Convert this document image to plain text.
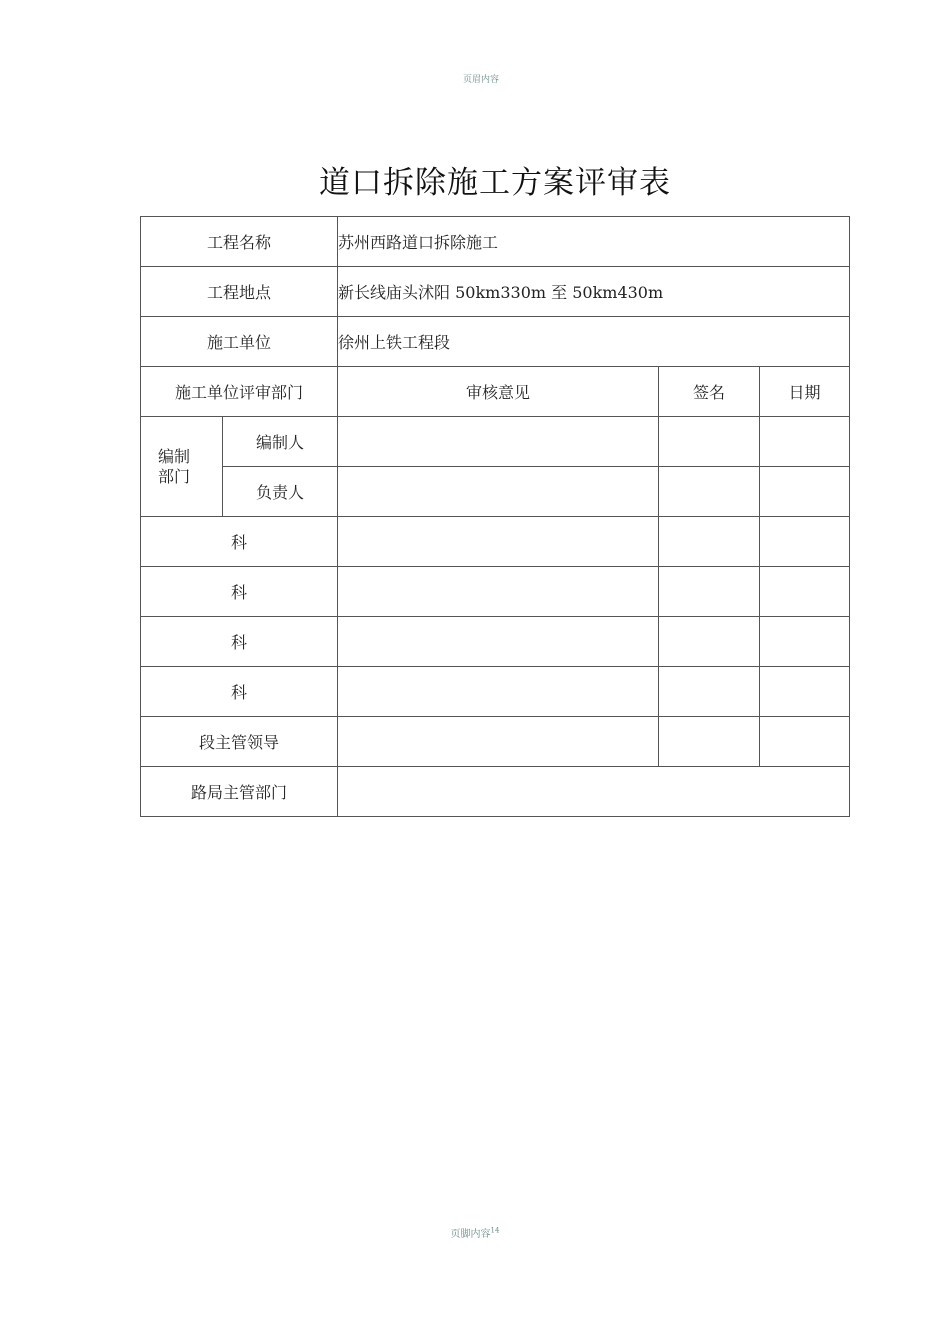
页眉内容
道口拆除施工方案评审表
工程名称		苏州西路道口拆除施工		
工程地点		新长线庙头沭阳 50km330m 至 50km430m		
施工单位		徐州上铁工程段		
施工单位评审部门		审核意见	签名	日期
编制部门	编制人			
	负责人			
科				
科				
科				
科				
段主管领导				
路局主管部门				
页脚内容$^{14}$
